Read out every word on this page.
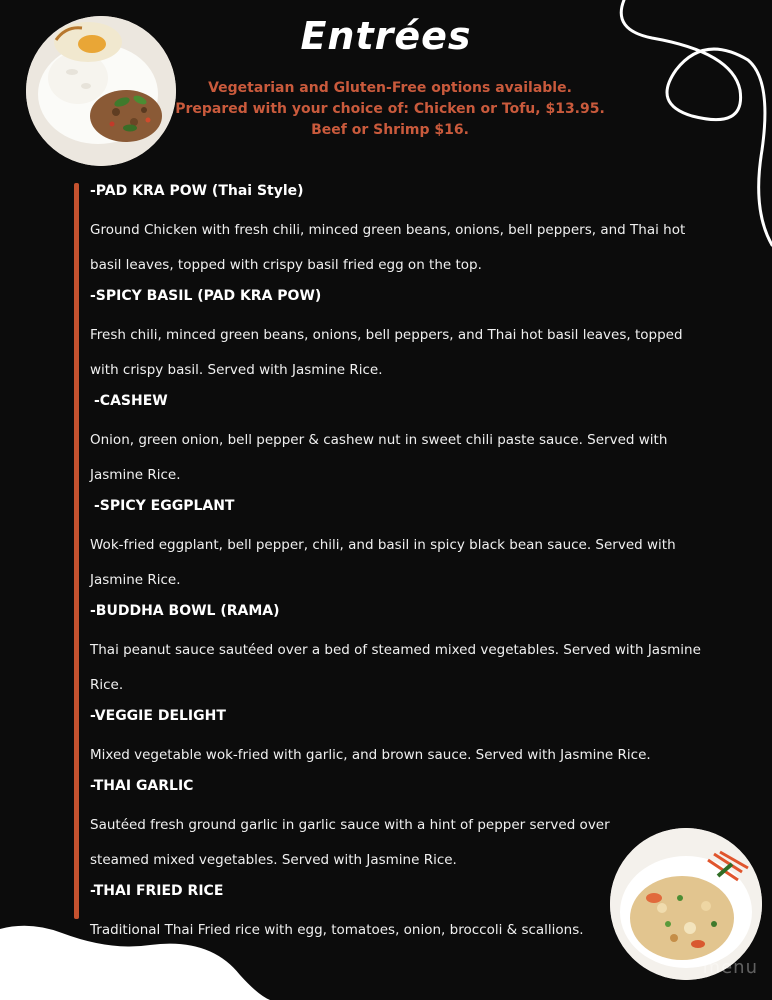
Entrées
Vegetarian and Gluten-Free options available.
Prepared with your choice of: Chicken or Tofu, $13.95.
Beef or Shrimp $16.
-PAD KRA POW (Thai Style)
Ground Chicken with fresh chili, minced green beans, onions, bell peppers, and Thai hot basil leaves, topped with crispy basil fried egg on the top.
-SPICY BASIL (PAD KRA POW)
Fresh chili, minced green beans, onions, bell peppers, and Thai hot basil leaves, topped with crispy basil. Served with Jasmine Rice.
-CASHEW
Onion, green onion, bell pepper & cashew nut in sweet chili paste sauce. Served with Jasmine Rice.
-SPICY EGGPLANT
Wok-fried eggplant, bell pepper, chili, and basil in spicy black bean sauce. Served with Jasmine Rice.
-BUDDHA BOWL (RAMA)
Thai peanut sauce sautéed over a bed of steamed mixed vegetables. Served with Jasmine Rice.
-VEGGIE DELIGHT
Mixed vegetable wok-fried with garlic, and brown sauce. Served with Jasmine Rice.
-THAI GARLIC
Sautéed fresh ground garlic in garlic sauce with a hint of pepper served over steamed mixed vegetables. Served with Jasmine Rice.
-THAI FRIED RICE
Traditional Thai Fried rice with egg, tomatoes, onion, broccoli & scallions.
menu
